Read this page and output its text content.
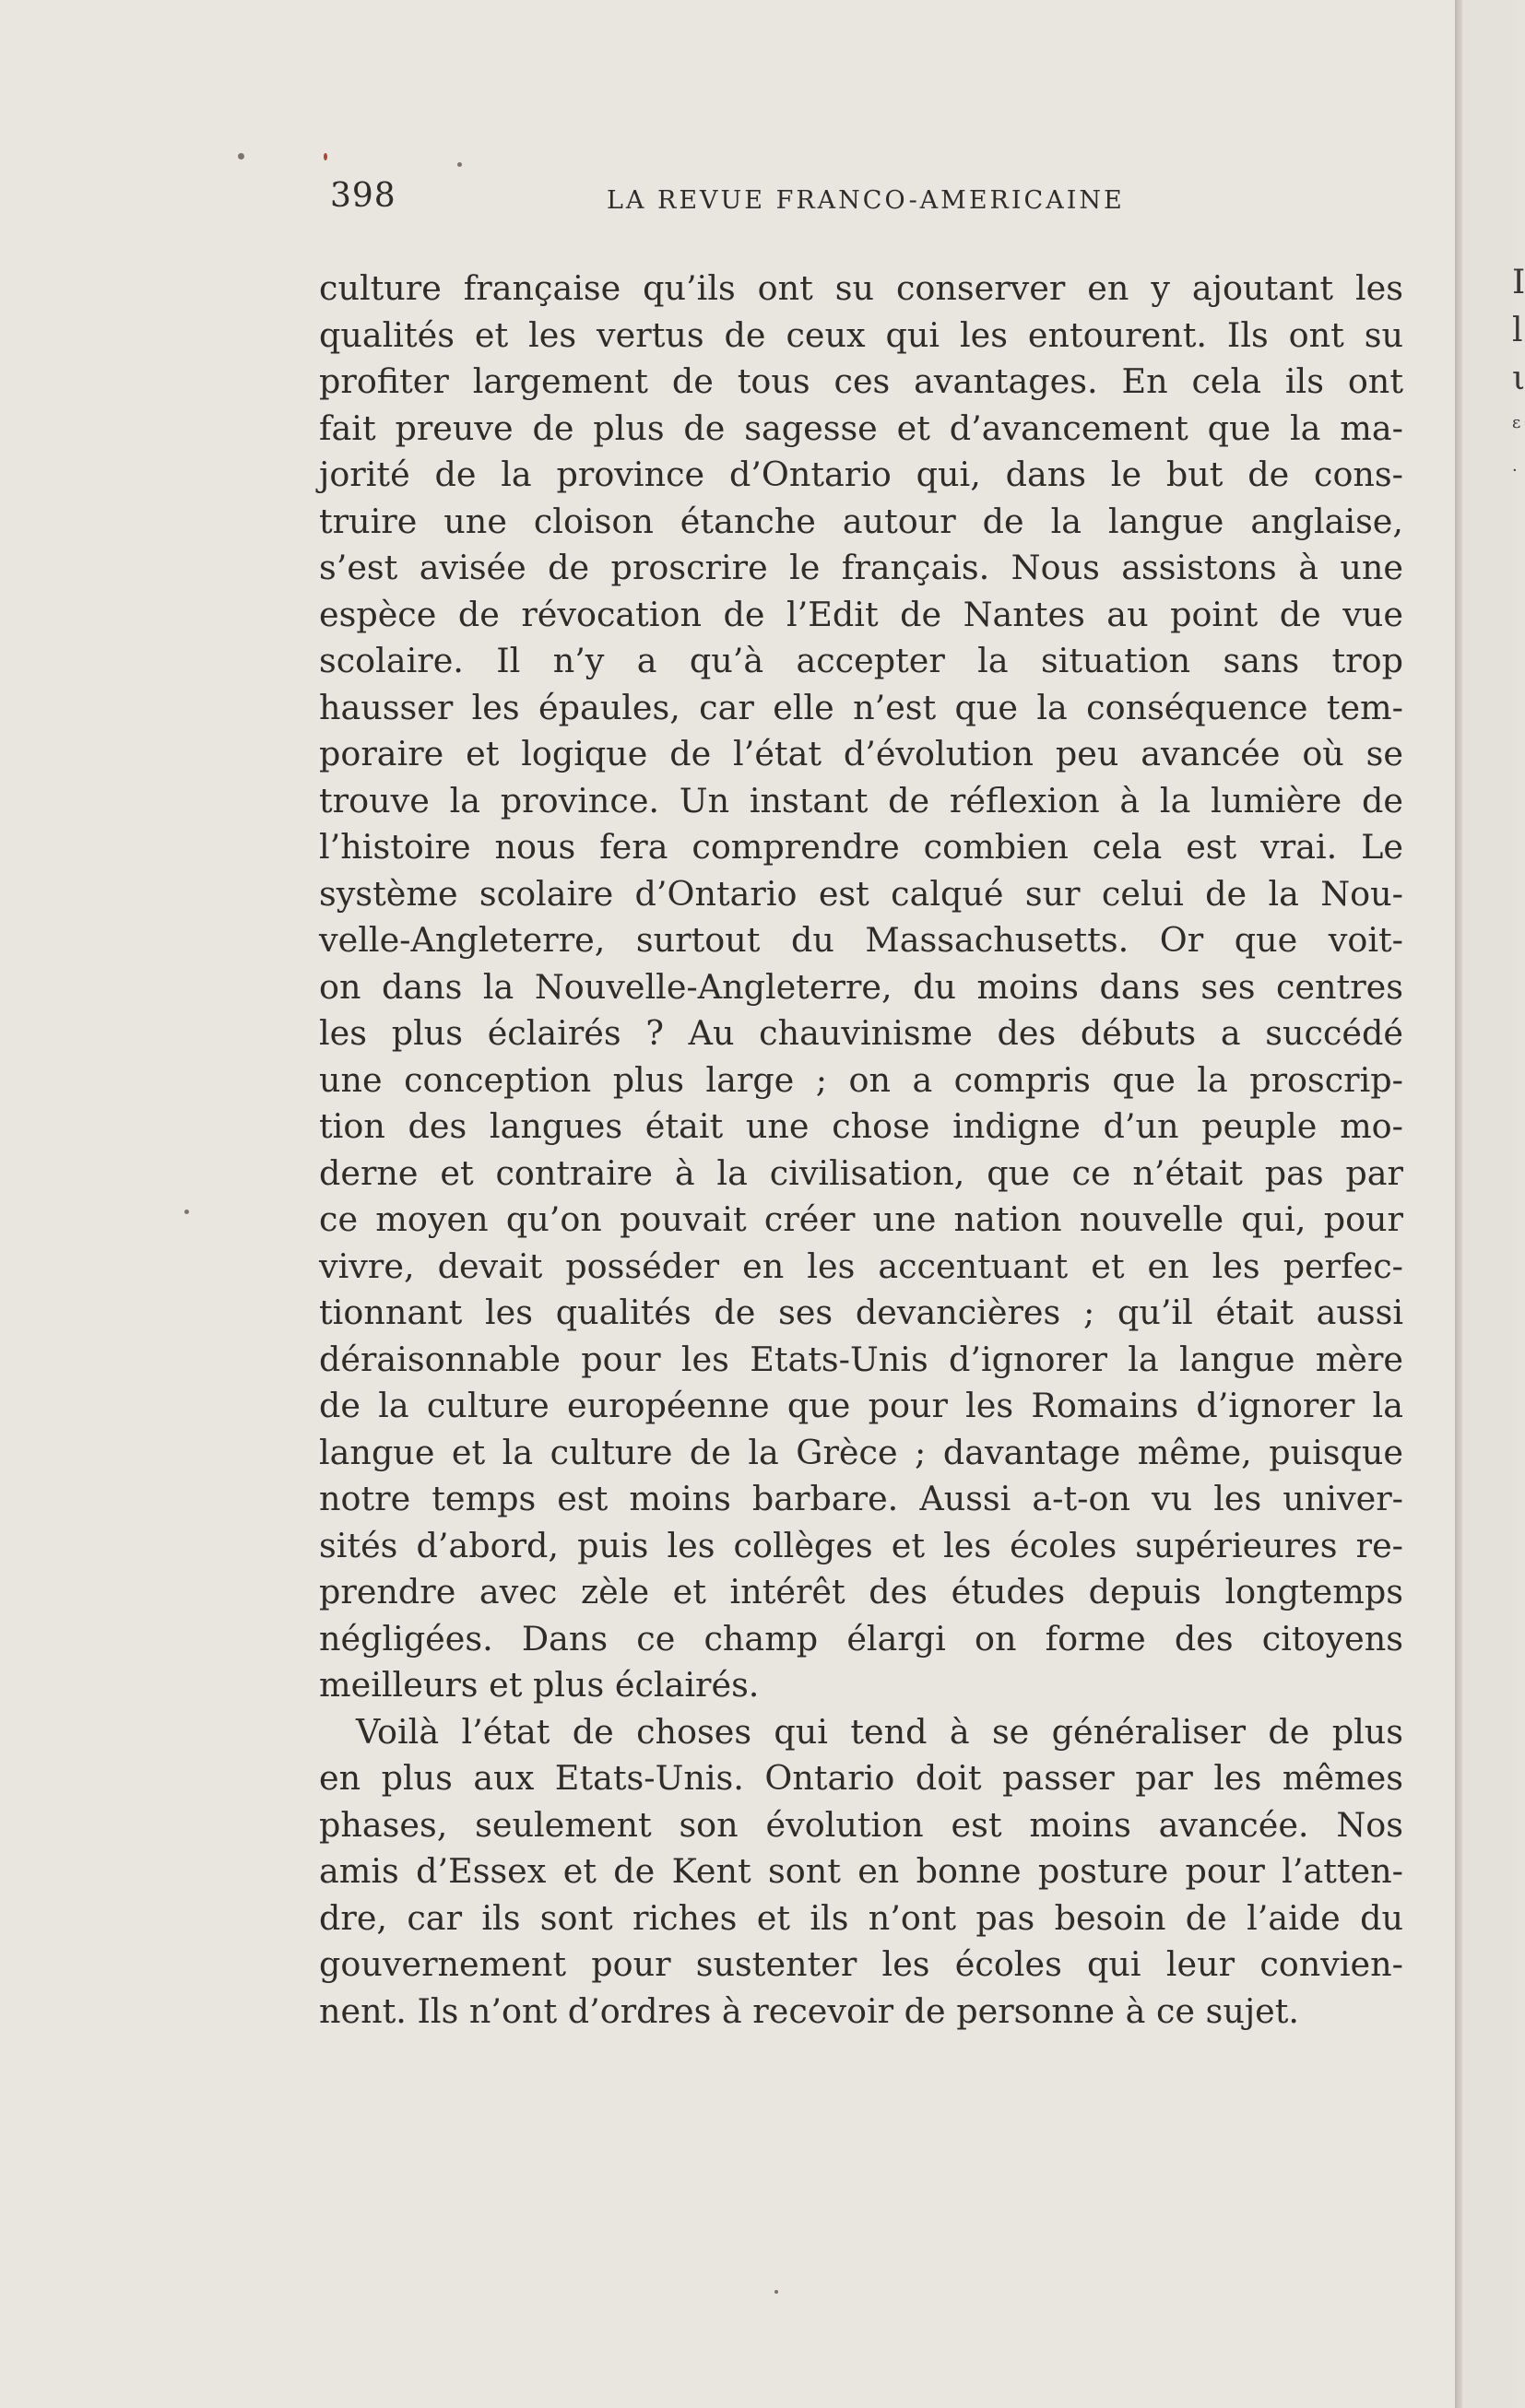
398	LA REVUE FRANCO-AMERICAINE
culture française qu’ils ont su conserver en y ajoutant les
qualités et les vertus de ceux qui les entourent. Ils ont su
profiter largement de tous ces avantages. En cela ils ont
fait preuve de plus de sagesse et d’avancement que la ma-
jorité de la province d’Ontario qui, dans le but de cons-
truire une cloison étanche autour de la langue anglaise,
s’est avisée de proscrire le français. Nous assistons à une
espèce de révocation de l’Edit de Nantes au point de vue
scolaire. Il n’y a qu’à accepter la situation sans trop
hausser les épaules, car elle n’est que la conséquence tem-
poraire et logique de l’état d’évolution peu avancée où se
trouve la province. Un instant de réflexion à la lumière de
l’histoire nous fera comprendre combien cela est vrai. Le
système scolaire d’Ontario est calqué sur celui de la Nou-
velle-Angleterre, surtout du Massachusetts. Or que voit-
on dans la Nouvelle-Angleterre, du moins dans ses centres
les plus éclairés ? Au chauvinisme des débuts a succédé
une conception plus large ; on a compris que la proscrip-
tion des langues était une chose indigne d’un peuple mo-
derne et contraire à la civilisation, que ce n’était pas par
ce moyen qu’on pouvait créer une nation nouvelle qui, pour
vivre, devait posséder en les accentuant et en les perfec-
tionnant les qualités de ses devancières ; qu’il était aussi
déraisonnable pour les Etats-Unis d’ignorer la langue mère
de la culture européenne que pour les Romains d’ignorer la
langue et la culture de la Grèce ; davantage même, puisque
notre temps est moins barbare. Aussi a-t-on vu les univer-
sités d’abord, puis les collèges et les écoles supérieures re-
prendre avec zèle et intérêt des études depuis longtemps
négligées. Dans ce champ élargi on forme des citoyens
meilleurs et plus éclairés.
Voilà l’état de choses qui tend à se généraliser de plus
en plus aux Etats-Unis. Ontario doit passer par les mêmes
phases, seulement son évolution est moins avancée. Nos
amis d’Essex et de Kent sont en bonne posture pour l’atten-
dre, car ils sont riches et ils n’ont pas besoin de l’aide du
gouvernement pour sustenter les écoles qui leur convien-
nent. Ils n’ont d’ordres à recevoir de personne à ce sujet.
I
l
ι
ε
·
